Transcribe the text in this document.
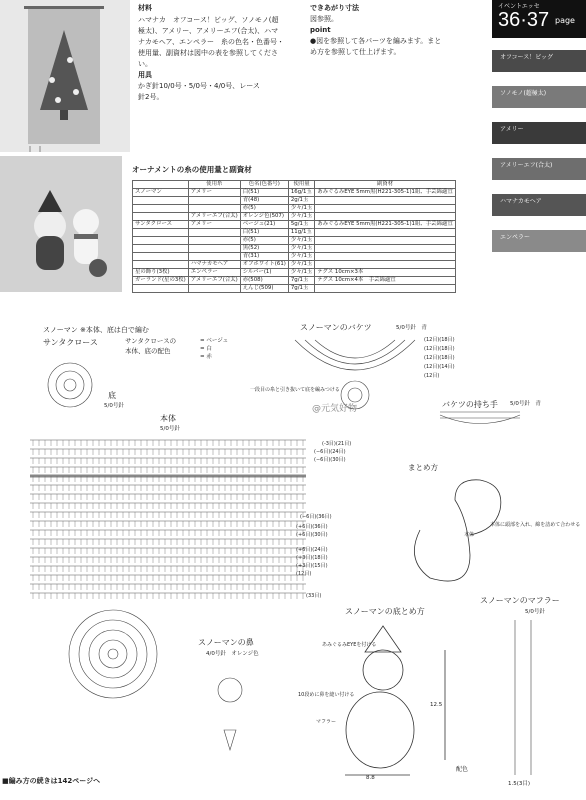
材料
ハマナカ　オフコース！ビッグ、ソノモノ(超
極太)、アメリー、アメリーエフ(合太)、ハマ
ナカモヘア、エンペラー　糸の色名・色番号・
使用量、副資材は図中の表を参照してくださ
い。
用具
かぎ針10/0号・5/0号・4/0号、レース
針2号。
できあがり寸法
図参照。
point
●図を参照して各パーツを編みます。まと
め方を参照して仕上げます。
イベントエッセ
36·37 page
オフコース！ビッグ
ソノモノ(超極太)
アメリー
アメリーエフ(合太)
ハマナカモヘア
エンペラー
オーナメントの糸の使用量と副資材
	使用糸	色名(色番号)	使用量	副資材
スノーマン	アメリー	白(51)	16g/1玉	あみぐるみEYE 5mm黒(H221-305-1)1組、手芸綿適宜
		青(48)	2g/1玉	
		赤(5)	少々/1玉	
	アメリーエフ(合太)	オレンジ色(507)	少々/1玉	
サンタクロース	アメリー	ベージュ(21)	5g/1玉	あみぐるみEYE 5mm黒(H221-305-1)1組、手芸綿適宜
		白(51)	11g/1玉	
		赤(5)	少々/1玉	
		黒(52)	少々/1玉	
		青(31)	少々/1玉	
	ハマナカモヘア	オフホワイト(61)	少々/1玉	
星の飾り(3枚)	エンペラー	シルバー(1)	少々/1玉	テグス 10cm×3本
ガーランド(星の3枚)	アメリーエフ(合太)	赤(508)	7g/1玉	テグス 10cm×4本　手芸綿適宜
		えんじ(509)	7g/1玉	
スノーマン ※本体、底は白で編む
サンタクロース	サンタクロースの
本体、底の配色
= ベージュ
= 白
= 赤
底
5/0号針
本体
5/0号針
スノーマンのバケツ	5/0号針　青
一段目の糸と引き抜いて底を編みつける
バケツの持ち手 5/0号針　青
@元気好物
まとめ方
本体に頭部を入れ、綿を詰めて合わせる
本体
スノーマンの底とめ方
スノーマンのマフラー
5/0号針
スノーマンの鼻
4/0号針　オレンジ色
あみぐるみEYEを付ける
10段めに鼻を縫い付ける
マフラー
8.8
12.5
1.5(3目)
配色
■編み方の続きは142ページへ
(-3目)(21目)
(−6目)(24目)
(−6目)(30目)
(−6目)(36目)
(+6目)(36目)
(+6目)(30目)
(+6目)(24目)
(+3目)(18目)
(+3目)(15目)
(12目)
(33目)
(12目)(18目)
(12目)(18目)
(12目)(18目)
(12目)(14目)
(12目)
